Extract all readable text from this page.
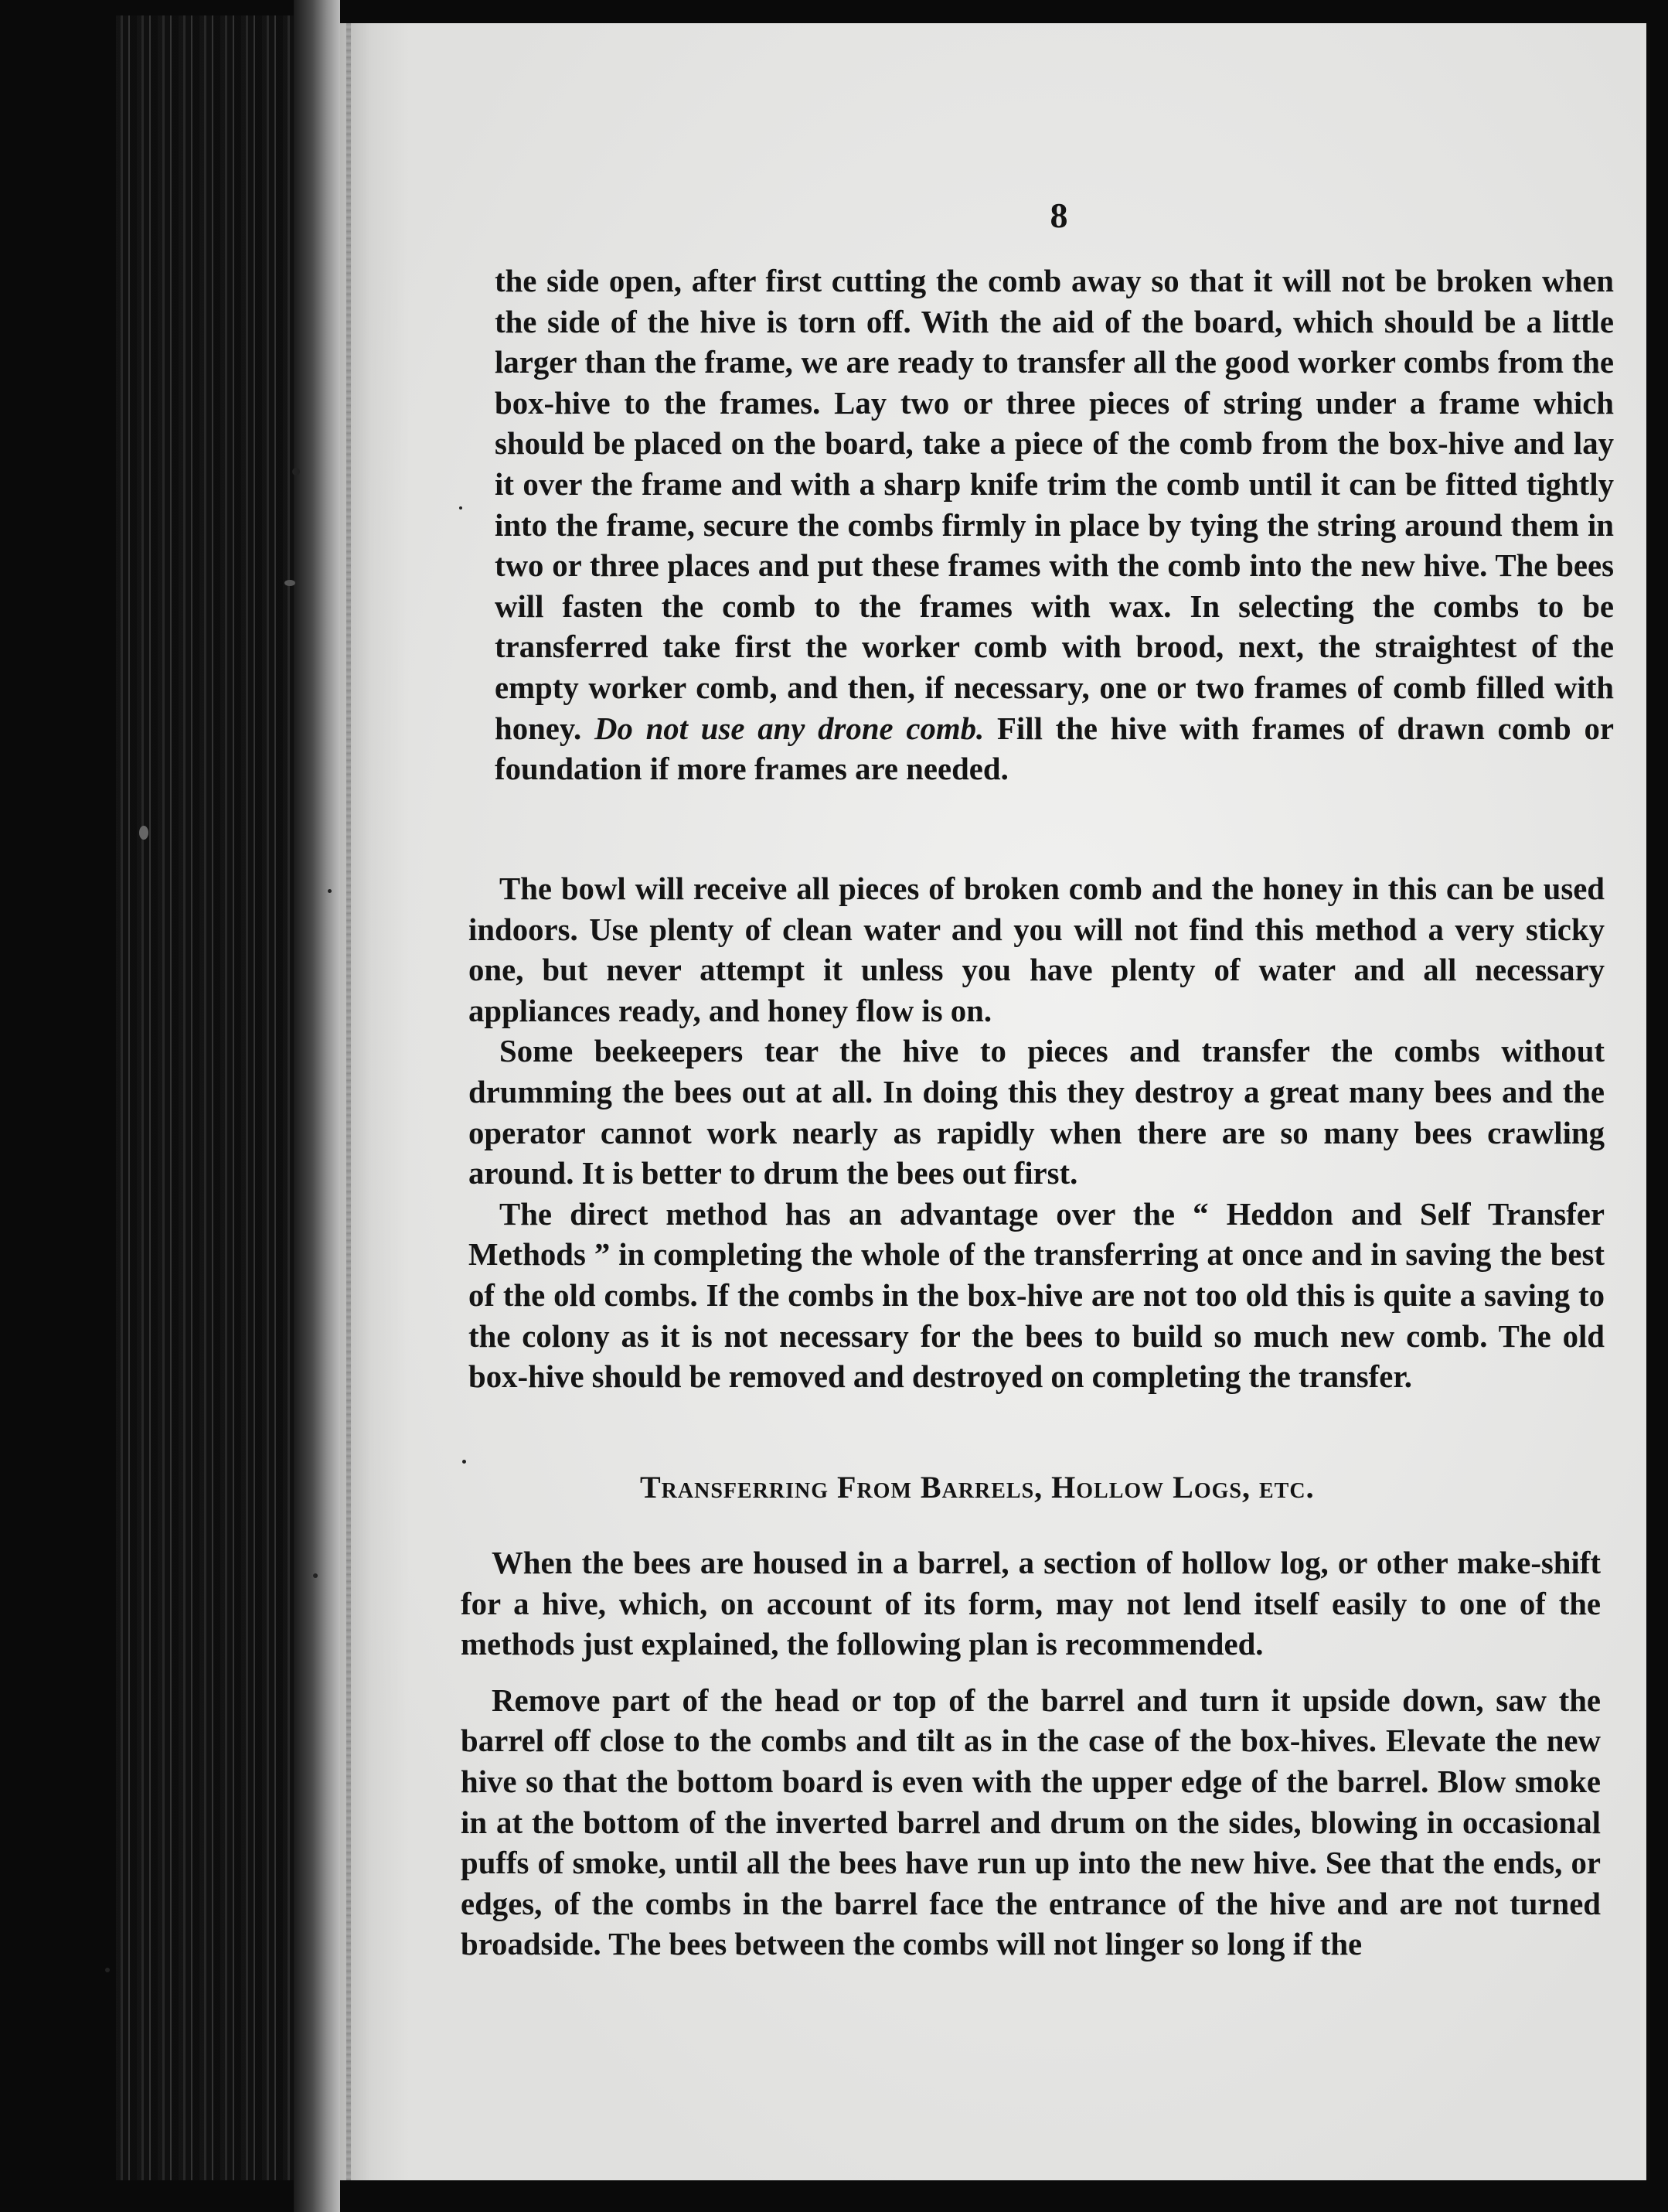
8

the side open, after first cutting the comb away so that it will not be broken when the side of the hive is torn off. With the aid of the board, which should be a little larger than the frame, we are ready to transfer all the good worker combs from the box-hive to the frames. Lay two or three pieces of string under a frame which should be placed on the board, take a piece of the comb from the box-hive and lay it over the frame and with a sharp knife trim the comb until it can be fitted tightly into the frame, secure the combs firmly in place by tying the string around them in two or three places and put these frames with the comb into the new hive. The bees will fasten the comb to the frames with wax. In selecting the combs to be transferred take first the worker comb with brood, next, the straightest of the empty worker comb, and then, if necessary, one or two frames of comb filled with honey. Do not use any drone comb. Fill the hive with frames of drawn comb or foundation if more frames are needed.

The bowl will receive all pieces of broken comb and the honey in this can be used indoors. Use plenty of clean water and you will not find this method a very sticky one, but never attempt it unless you have plenty of water and all necessary appliances ready, and honey flow is on.

Some beekeepers tear the hive to pieces and transfer the combs without drumming the bees out at all. In doing this they destroy a great many bees and the operator cannot work nearly as rapidly when there are so many bees crawling around. It is better to drum the bees out first.

The direct method has an advantage over the “ Heddon and Self Transfer Methods ” in completing the whole of the transferring at once and in saving the best of the old combs. If the combs in the box-hive are not too old this is quite a saving to the colony as it is not necessary for the bees to build so much new comb. The old box-hive should be removed and destroyed on completing the transfer.

Transferring From Barrels, Hollow Logs, etc.

When the bees are housed in a barrel, a section of hollow log, or other make-shift for a hive, which, on account of its form, may not lend itself easily to one of the methods just explained, the following plan is recommended.

Remove part of the head or top of the barrel and turn it upside down, saw the barrel off close to the combs and tilt as in the case of the box-hives. Elevate the new hive so that the bottom board is even with the upper edge of the barrel. Blow smoke in at the bottom of the inverted barrel and drum on the sides, blowing in occasional puffs of smoke, until all the bees have run up into the new hive. See that the ends, or edges, of the combs in the barrel face the entrance of the hive and are not turned broadside. The bees between the combs will not linger so long if the
